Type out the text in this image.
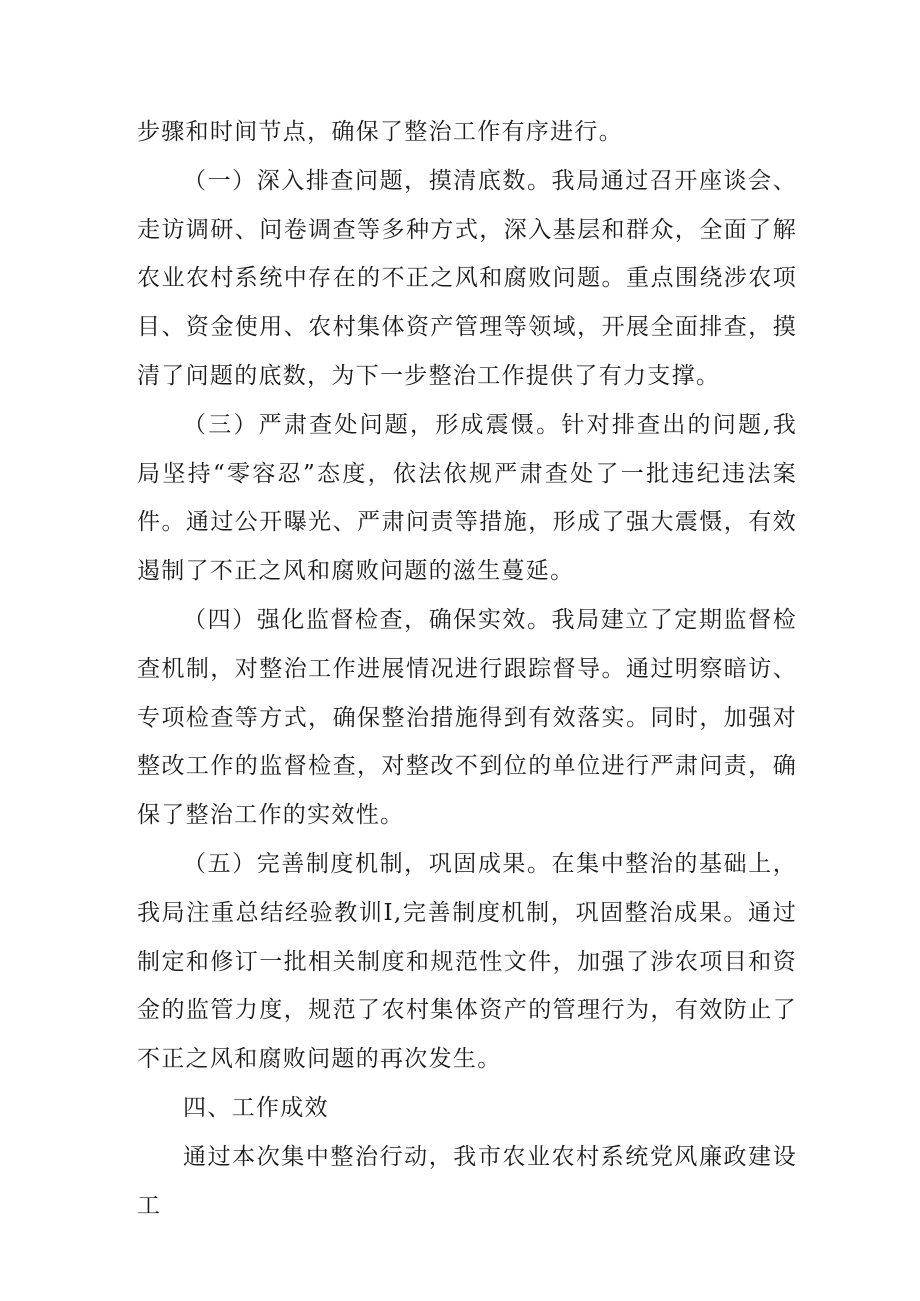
步骤和时间节点，确保了整治工作有序进行。

（一）深入排查问题，摸清底数。我局通过召开座谈会、走访调研、问卷调查等多种方式，深入基层和群众，全面了解农业农村系统中存在的不正之风和腐败问题。重点围绕涉农项目、资金使用、农村集体资产管理等领域，开展全面排查，摸清了问题的底数，为下一步整治工作提供了有力支撑。

（三）严肃查处问题，形成震慑。针对排查出的问题,我局坚持“零容忍”态度，依法依规严肃查处了一批违纪违法案件。通过公开曝光、严肃问责等措施，形成了强大震慑，有效遏制了不正之风和腐败问题的滋生蔓延。

（四）强化监督检查，确保实效。我局建立了定期监督检查机制，对整治工作进展情况进行跟踪督导。通过明察暗访、专项检查等方式，确保整治措施得到有效落实。同时，加强对整改工作的监督检查，对整改不到位的单位进行严肃问责，确保了整治工作的实效性。

（五）完善制度机制，巩固成果。在集中整治的基础上，我局注重总结经验教训I,完善制度机制，巩固整治成果。通过制定和修订一批相关制度和规范性文件，加强了涉农项目和资金的监管力度，规范了农村集体资产的管理行为，有效防止了不正之风和腐败问题的再次发生。

四、工作成效

通过本次集中整治行动，我市农业农村系统党风廉政建设工
